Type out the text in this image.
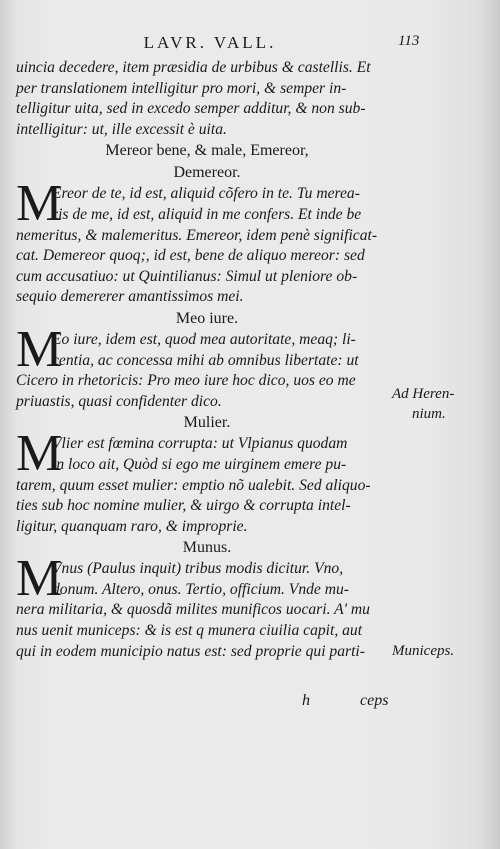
LAVR. VALL.	113
uincia decedere, item præsidia de urbibus & castellis. Et
per translationem intelligitur pro mori, & semper in-
telligitur uita, sed in excedo semper additur, & non sub-
intelligitur: ut, ille excessit è uita.
Mereor bene, & male, Emereor,
Demereor.
M
Ereor de te, id est, aliquid cõfero in te. Tu merea-
ris de me, id est, aliquid in me confers. Et inde be
nemeritus, & malemeritus. Emereor, idem penè significat-
cat. Demereor quoq;, id est, bene de aliquo mereor: sed
cum accusatiuo: ut Quintilianus: Simul ut pleniore ob-
sequio demererer amantissimos mei.
Meo iure.
M
Eo iure, idem est, quod mea autoritate, meaq; li-
centia, ac concessa mihi ab omnibus libertate: ut
Cicero in rhetoricis: Pro meo iure hoc dico, uos eo me
priuastis, quasi confidenter dico.
Mulier.
M
Vlier est fœmina corrupta: ut Vlpianus quodam
in loco ait, Quòd si ego me uirginem emere pu-
tarem, quum esset mulier: emptio nõ ualebit. Sed aliquo-
ties sub hoc nomine mulier, & uirgo & corrupta intel-
ligitur, quanquam raro, & improprie.
Munus.
M
Vnus (Paulus inquit) tribus modis dicitur. Vno,
donum. Altero, onus. Tertio, officium. Vnde mu-
nera militaria, & quosdã milites munificos uocari. A' mu
nus uenit municeps: & is est q munera ciuilia capit, aut
qui in eodem municipio natus est: sed proprie qui parti-
Ad Heren-
nium.
Municeps.
h	ceps
